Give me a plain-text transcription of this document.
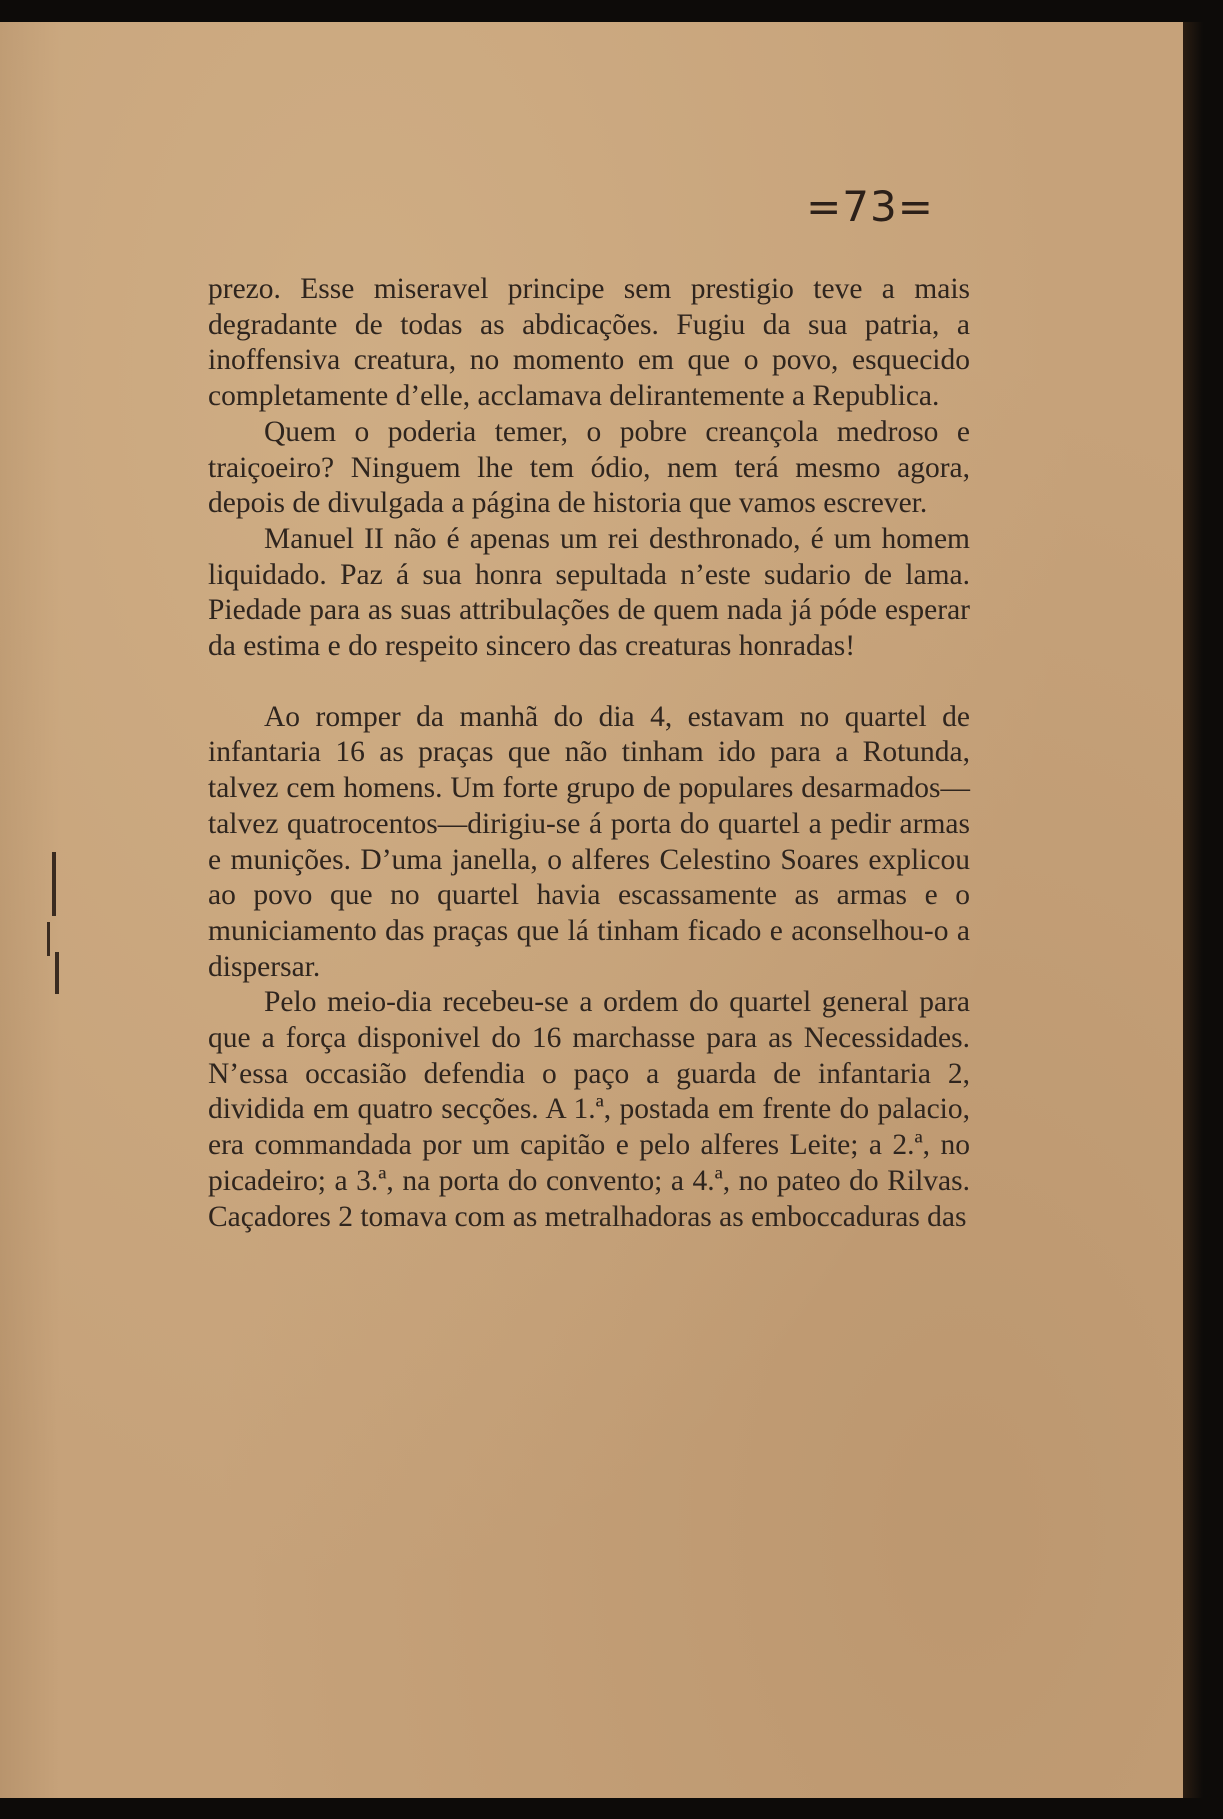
=73=

prezo. Esse miseravel principe sem prestigio teve a mais degradante de todas as abdicações. Fugiu da sua patria, a inoffensiva creatura, no momento em que o povo, esquecido completamente d’elle, acclamava delirantemente a Republica.

Quem o poderia temer, o pobre creançola medroso e traiçoeiro? Ninguem lhe tem ódio, nem terá mesmo agora, depois de divulgada a página de historia que vamos escrever.

Manuel II não é apenas um rei desthronado, é um homem liquidado. Paz á sua honra sepultada n’este sudario de lama. Piedade para as suas attribulações de quem nada já póde esperar da estima e do respeito sincero das creaturas honradas!

Ao romper da manhã do dia 4, estavam no quartel de infantaria 16 as praças que não tinham ido para a Rotunda, talvez cem homens. Um forte grupo de populares desarmados—talvez quatrocentos—dirigiu-se á porta do quartel a pedir armas e munições. D’uma janella, o alferes Celestino Soares explicou ao povo que no quartel havia escassamente as armas e o municiamento das praças que lá tinham ficado e aconselhou-o a dispersar.

Pelo meio-dia recebeu-se a ordem do quartel general para que a força disponivel do 16 marchasse para as Necessidades. N’essa occasião defendia o paço a guarda de infantaria 2, dividida em quatro secções. A 1.ª, postada em frente do palacio, era commandada por um capitão e pelo alferes Leite; a 2.ª, no picadeiro; a 3.ª, na porta do convento; a 4.ª, no pateo do Rilvas. Caçadores 2 tomava com as metralhadoras as emboccaduras das
